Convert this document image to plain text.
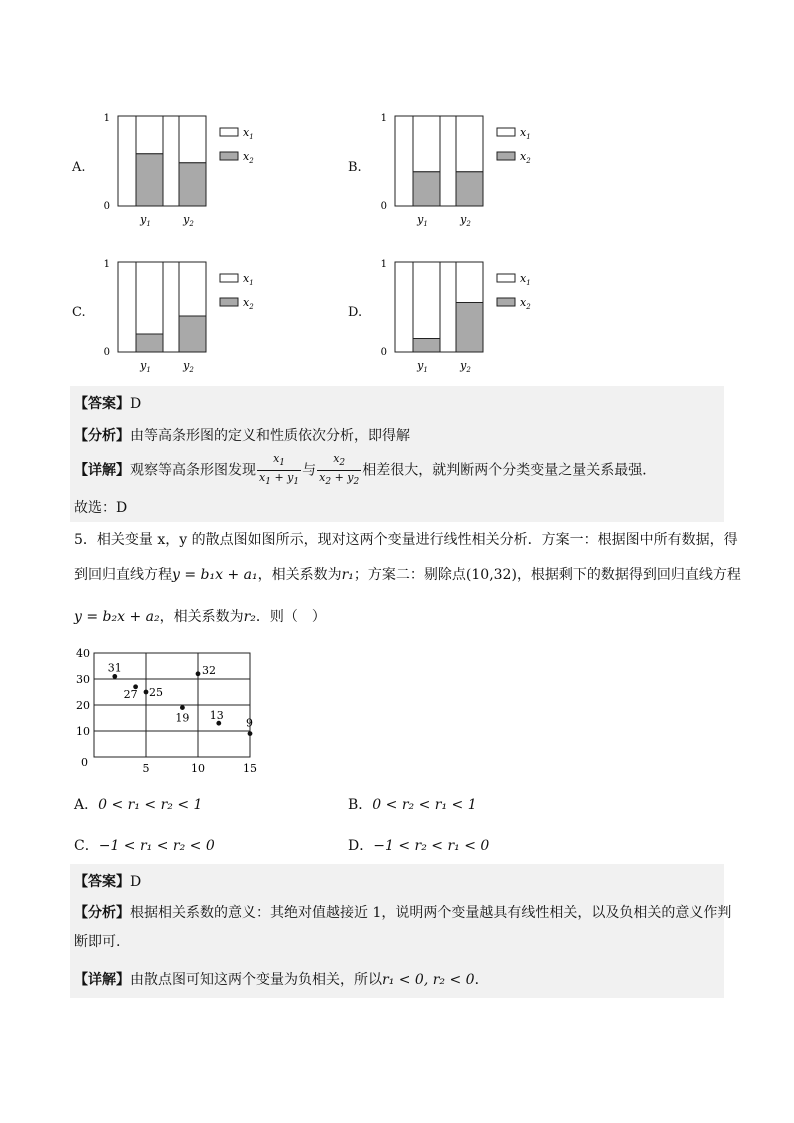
A.
1
0
$y_1$	$y_2$
$x_1$
$x_2$	B.
1
0
$y_1$	$y_2$
$x_1$
$x_2$
C.
1
0
$y_1$	$y_2$
$x_1$
$x_2$	D.
1
0
$y_1$	$y_2$
$x_1$
$x_2$
【答案】D
【分析】由等高条形图的定义和性质依次分析，即得解
【详解】观察等高条形图发现 $\frac{x_1}{x_1 + y_1}$ 与 $\frac{x_2}{x_2 + y_2}$ 相差很大，就判断两个分类变量之量关系最强．
故选：D
5．相关变量 x，y 的散点图如图所示，现对这两个变量进行线性相关分析．方案一：根据图中所有数据，得
到回归直线方程y = b₁x + a₁，相关系数为r₁；方案二：剔除点(10,32)，根据剩下的数据得到回归直线方程
y = b₂x + a₂，相关系数为r₂．则（　）
10
20
30
40
0	5	10	15
31
27 25
19
32
13
9
A．0 < r₁ < r₂ < 1	B．0 < r₂ < r₁ < 1
C．−1 < r₁ < r₂ < 0	D．−1 < r₂ < r₁ < 0
【答案】D
【分析】根据相关系数的意义：其绝对值越接近 1，说明两个变量越具有线性相关，以及负相关的意义作判
断即可.
【详解】由散点图可知这两个变量为负相关，所以r₁ < 0, r₂ < 0．
